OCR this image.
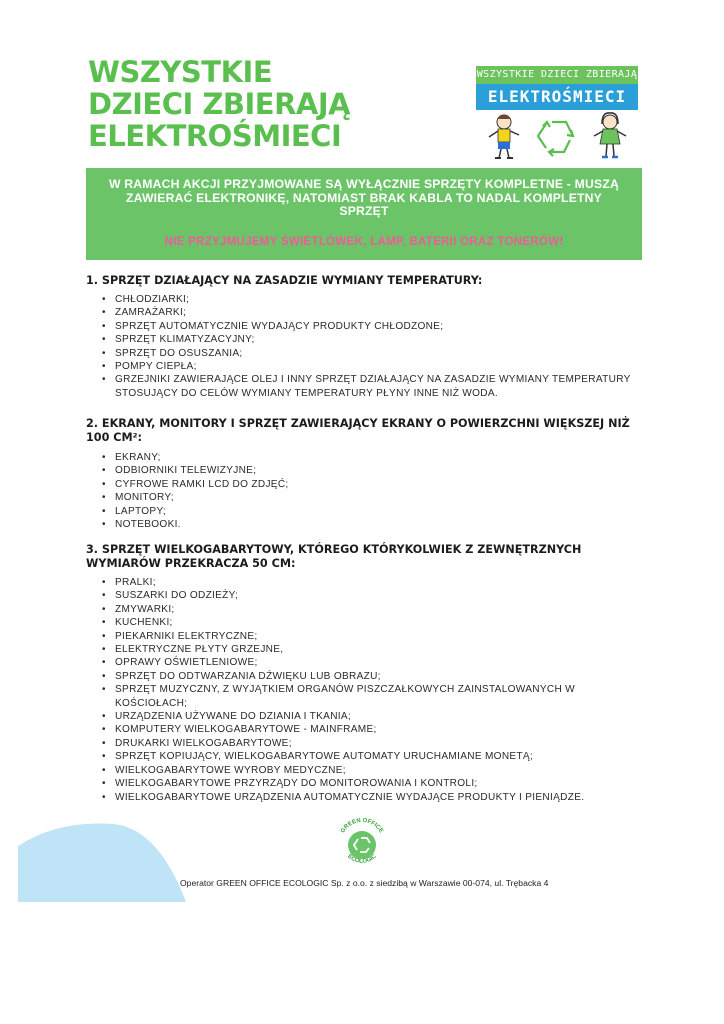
WSZYSTKIE
DZIECI ZBIERAJĄ
ELEKTROŚMIECI
WSZYSTKIE DZIECI ZBIERAJĄ
ELEKTROŚMIECI
W RAMACH AKCJI PRZYJMOWANE SĄ WYŁĄCZNIE SPRZĘTY KOMPLETNE - MUSZĄ ZAWIERAĆ ELEKTRONIKĘ, NATOMIAST BRAK KABLA TO NADAL KOMPLETNY SPRZĘT
NIE PRZYJMUJEMY ŚWIETLÓWEK, LAMP, BATERII ORAZ TONERÓW!
1. SPRZĘT DZIAŁAJĄCY NA ZASADZIE WYMIANY TEMPERATURY:
• CHŁODZIARKI;
• ZAMRAŻARKI;
• SPRZĘT AUTOMATYCZNIE WYDAJĄCY PRODUKTY CHŁODZONE;
• SPRZĘT KLIMATYZACYJNY;
• SPRZĘT DO OSUSZANIA;
• POMPY CIEPŁA;
• GRZEJNIKI ZAWIERAJĄCE OLEJ I INNY SPRZĘT DZIAŁAJĄCY NA ZASADZIE WYMIANY TEMPERATURY STOSUJĄCY DO CELÓW WYMIANY TEMPERATURY PŁYNY INNE NIŻ WODA.
2. EKRANY, MONITORY I SPRZĘT ZAWIERAJĄCY EKRANY O POWIERZCHNI WIĘKSZEJ NIŻ 100 CM²:
• EKRANY;
• ODBIORNIKI TELEWIZYJNE;
• CYFROWE RAMKI LCD DO ZDJĘĆ;
• MONITORY;
• LAPTOPY;
• NOTEBOOKI.
3. SPRZĘT WIELKOGABARYTOWY, KTÓREGO KTÓRYKOLWIEK Z ZEWNĘTRZNYCH WYMIARÓW PRZEKRACZA 50 CM:
• PRALKI;
• SUSZARKI DO ODZIEŻY;
• ZMYWARKI;
• KUCHENKI;
• PIEKARNIKI ELEKTRYCZNE;
• ELEKTRYCZNE PŁYTY GRZEJNE,
• OPRAWY OŚWIETLENIOWE;
• SPRZĘT DO ODTWARZANIA DŹWIĘKU LUB OBRAZU;
• SPRZĘT MUZYCZNY, Z WYJĄTKIEM ORGANÓW PISZCZAŁKOWYCH ZAINSTALOWANYCH W KOŚCIOŁACH;
• URZĄDZENIA UŻYWANE DO DZIANIA I TKANIA;
• KOMPUTERY WIELKOGABARYTOWE - MAINFRAME;
• DRUKARKI WIELKOGABARYTOWE;
• SPRZĘT KOPIUJĄCY, WIELKOGABARYTOWE AUTOMATY URUCHAMIANE MONETĄ;
• WIELKOGABARYTOWE WYROBY MEDYCZNE;
• WIELKOGABARYTOWE PRZYRZĄDY DO MONITOROWANIA I KONTROLI;
• WIELKOGABARYTOWE URZĄDZENIA AUTOMATYCZNIE WYDAJĄCE PRODUKTY I PIENIĄDZE.
GREEN OFFICE
ECOLOGIC
Operator GREEN OFFICE ECOLOGIC Sp. z o.o. z siedzibą w Warszawie 00-074, ul. Trębacka 4
